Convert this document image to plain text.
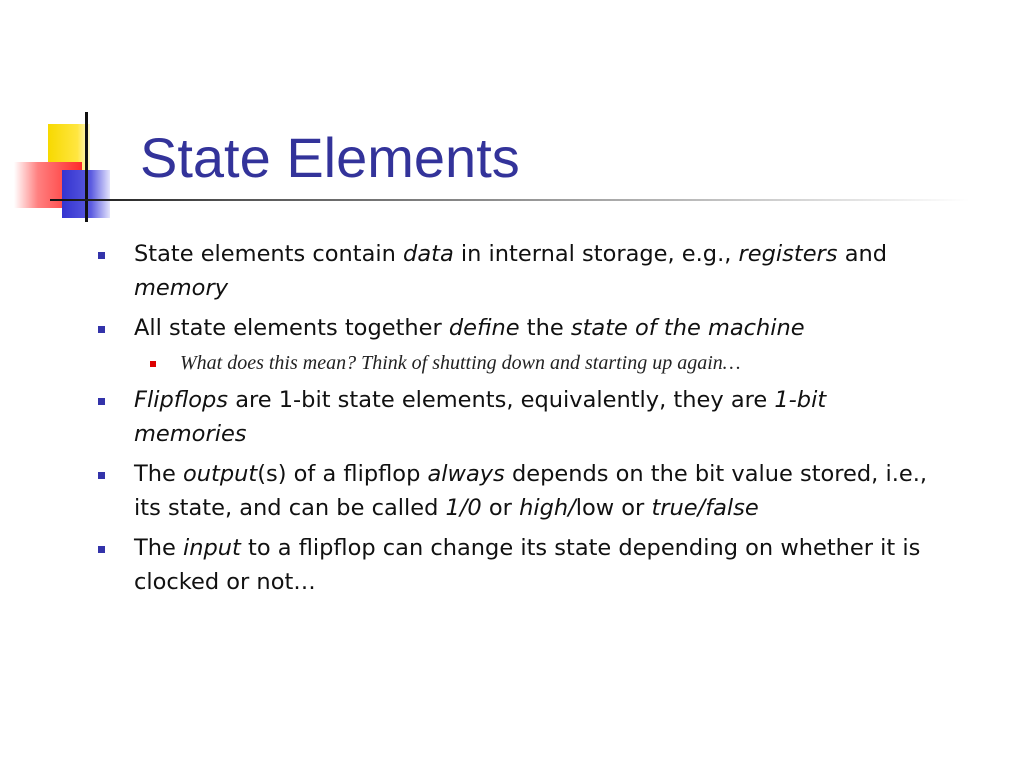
State Elements
State elements contain data in internal storage, e.g., registers and memory
All state elements together define the state of the machine
What does this mean? Think of shutting down and starting up again…
Flipflops are 1-bit state elements, equivalently, they are 1-bit memories
The output(s) of a flipflop always depends on the bit value stored, i.e., its state, and can be called 1/0 or high/low or true/false
The input to a flipflop can change its state depending on whether it is clocked or not…
